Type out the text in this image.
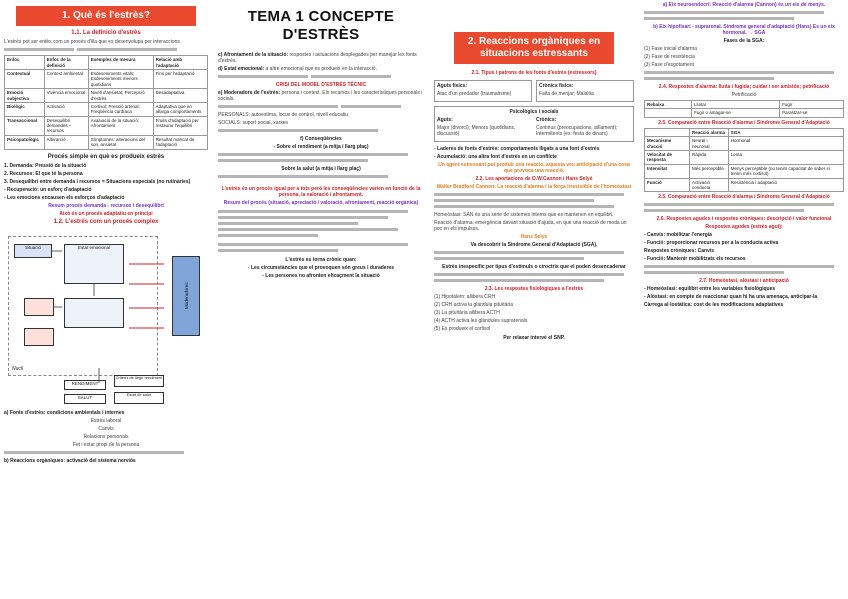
1. Què és l'estrès?

1.1. La definició d'estrès

L'estrès pot ser entès com un procés d'illa que es desenvolupa per interaccions.

Enfoc	Enfoc de la definició	Exemples de mesura	Relació amb l'adaptació
Contextual	Context ambiental	Esdeveniments vitals; Esdeveniments menors quotidians	Fins per l'adaptació
Emoció subjectiva	Vivència emocional	Nivell d'ansietat; Percepció d'estrès	Desadaptativa
Biològic	Activació	Cortisol; Pressió arterial; Freqüència cardíaca	Adaptativa que en allarga comportaments
Transaccional	Desequilibri demandes – recursos	Avaluació de la situació; Afrontament	Fruits d'adaptació per restaurar l'equilibri
Psicopatològic	Alterarció	Símptomes: alteracions del son, ansietat	Resultat mancat de l'adaptació

Procés simple en què es produeix estrès

1. Demanda: Pressió de la situació

2. Recursos: El que té la persona

3. Desequilibri entre demanda i recursos = Situacions especials (no rutinàries)

- Recuperació: un esforç d'adaptació

- Les emocions encausen els esforços d'adaptació

Resum procés demanda - recursos i desequilibri

Això és un procés adaptatiu en principi

1.2. L'estrès com un procés complex

Situació	Estat emocional
Moderadores
RENDIMENT
Criteris de llegir rendiment
SALUT
Estat de salut
Nucli

a) Fonts d'estrès: condicions ambientals i internes

Estrès laboral

Canvis

Relacions personals

Fet i estar propi de la persona

b) Reaccions orgàniques: activació del sistema nerviós

TEMA 1 CONCEPTE D'ESTRÈS

c) Afrontament de la situació: respostes i actuacions desplegades per manejar les fonts d'estrès.

d) Estat emocional: a altre emocional que es produeix en la interacció.

CRISI DEL MODEL D'ESTRÈS TÈCNIC

e) Moderadors de l'estrès: persona i context. Els recursos i les característiques personals i socials.

PERSONALS: autoestima, locus de control, nivell educatiu

SOCIALS: suport social, xarxes

f) Conseqüències

- Sobre el rendiment (a mitja i llarg plaç)

Sobre la salut (a mitja i llarg plaç)

L'estrès és un procés igual per a tots però les conseqüències varien en funció de la persona, la valoració i afrontament.

Resum del procés (situació, apreciació / valoració, afrontament, reacció orgànica)

L'estrès es torna crònic quan:

- Les circumstàncies que el provoquen són greus i duraderes

- Les persones no afronten eficaçment la situació

2. Reaccions orgàniques en situacions estressants

2.1. Tipus i patrons de les fonts d'estrès (estressors)

Aguts físics:

Atac d'un predador (traumatisme)

Crònics físics:

Falta de menjar; Malaltia

Psicològics i socials

Aguts:

Major (divorci); Menors (quotidians, discussió)

Crònics:

Continus (preocupacions, aïllament); Intermitents (ex: festa de dinars)

- Laderes de fonts d'estrès: comportaments lligats a una font d'estrès

- Acumulació: una altra font d'estrès en un conflicte

Un agent estressant pot produir una reacció, aquesta veu anticipació d'una cosa que provoca una reacció.

2.2. Les aportacions de D.W.Cannon i Hans Selyé

Walter Bradford Cannon: La reacció d'alarma i la força irresistible de l'homeòstasi

Homeòstasi: SAN és una sèrie de sistemes interns que es mantenen en equilibri.

Reacció d'alarma: emergència davant situació d'ajuda, en què una reacció de moda un poc en els impulsos.

Hans Selyé

Va descobrir la Síndrome General d'Adaptació (SGA).

Estrès inespecífic per tipus d'estímuls o ciroctrix que el poden desencadenar

2.3. Les respostes fisiològiques a l'estrès

(1) Hipotàlem: allibera CRH

(2) CRH activa la glàndula pituïtària

(3) La pituïtària allibera ACTH

(4) ACTH activa les glàndules suprarenals

(5) Es produeix el cortisol

Per relaxar intervé el SNP.

a) Eix neuroendocrí: Reacció d'alarma (Cannon) és un eix de menys.

b) Eix hipofisari - suprarenal. Síndrome general d'adaptació (Hans) Es un eix hormonal. → SGA

Fases de la SGA:

(1) Fase inicial d'alarma

(2) Fase de resistència

(3) Fase d'esgotament

2.4. Respostes d'alarma: lluita i fugida; cuidar i ser amistós; petrificació

Petrificació

Rebaixa	Lluitar	Fugir
	Fugir o amagar-se	Paralitzar-se

2.5. Comparació entre Reacció d'alarma i Síndrome General d'Adaptació

	Reacció alarma	SGA
Mecanisme d'acció	Neural i neuronal	Hormonal
Velocitat de resposta	Ràpida	Lenta
Intensitat	Més perceptible	Menys perceptible (no tenim capacitat de saber si tenim més cortisol)
Funció	Activació conducta	Resistència i adaptació

2.5. Comparació entre Reacció d'alarma i Síndrome General d'Adaptació

2.6. Respostes agudes i respostes cròniques: descripció i valor funcional

Respostes agudes (estrès agut):

- Canvis: mobilitzar l'energia

- Funció: proporcionar recursos per a la conducta activa

Respostes cròniques: Canvis

- Funció: Mantenir mobilitzats els recursos

2.7. Homeòstasi, alòstasi i anticipació

- Homeòstasi: equilibri entre les variables fisiològiques

- Alòstasi: en compte de reaccionar quan hi ha una amenaça, anticipar-la

Càrrega al·lostàtica: cost de les modificacions adaptatives
